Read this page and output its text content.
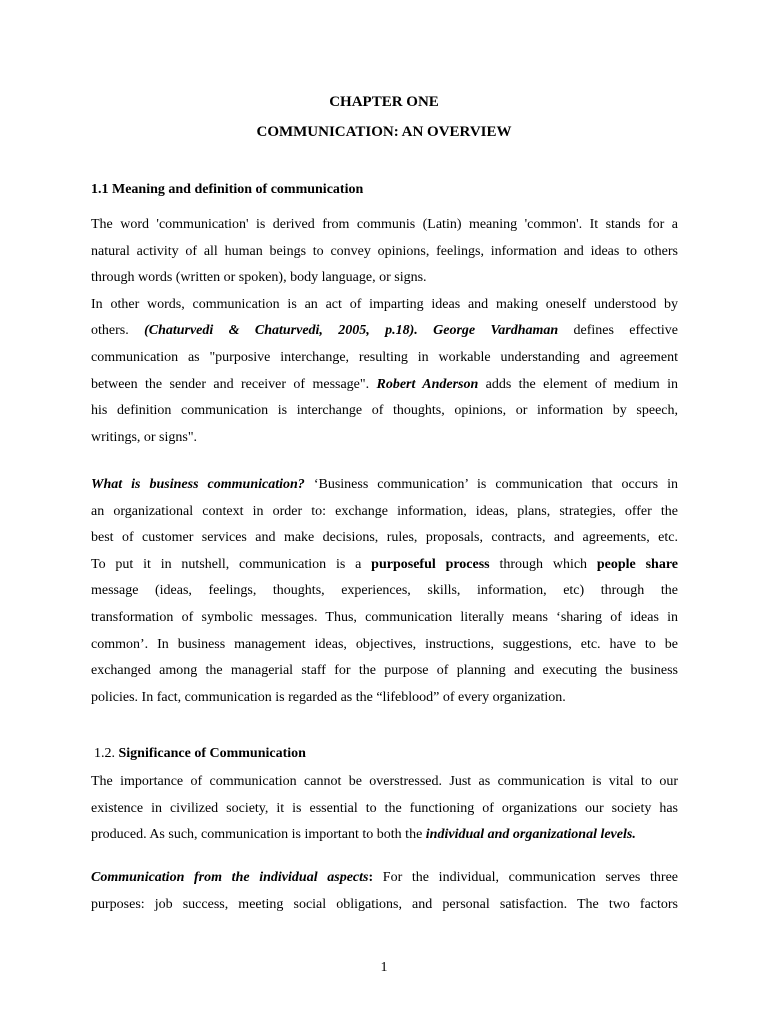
CHAPTER ONE
COMMUNICATION: AN OVERVIEW
1.1 Meaning and definition of communication
The word 'communication' is derived from communis (Latin) meaning 'common'. It stands for a
natural activity of all human beings to convey opinions, feelings, information and ideas to others
through words (written or spoken), body language, or signs.
In other words, communication is an act of imparting ideas and making oneself understood by
others. (Chaturvedi & Chaturvedi, 2005, p.18). George Vardhaman defines effective
communication as "purposive interchange, resulting in workable understanding and agreement
between the sender and receiver of message". Robert Anderson adds the element of medium in
his definition communication is interchange of thoughts, opinions, or information by speech,
writings, or signs".
What is business communication? ‘Business communication’ is communication that occurs in
an organizational context in order to: exchange information, ideas, plans, strategies, offer the
best of customer services and make decisions, rules, proposals, contracts, and agreements, etc.
To put it in nutshell, communication is a purposeful process through which people share
message (ideas, feelings, thoughts, experiences, skills, information, etc) through the
transformation of symbolic messages. Thus, communication literally means ‘sharing of ideas in
common’. In business management ideas, objectives, instructions, suggestions, etc. have to be
exchanged among the managerial staff for the purpose of planning and executing the business
policies. In fact, communication is regarded as the “lifeblood” of every organization.
1.2. Significance of Communication
The importance of communication cannot be overstressed. Just as communication is vital to our
existence in civilized society, it is essential to the functioning of organizations our society has
produced. As such, communication is important to both the individual and organizational levels.
Communication from the individual aspects: For the individual, communication serves three
purposes: job success, meeting social obligations, and personal satisfaction. The two factors
1
